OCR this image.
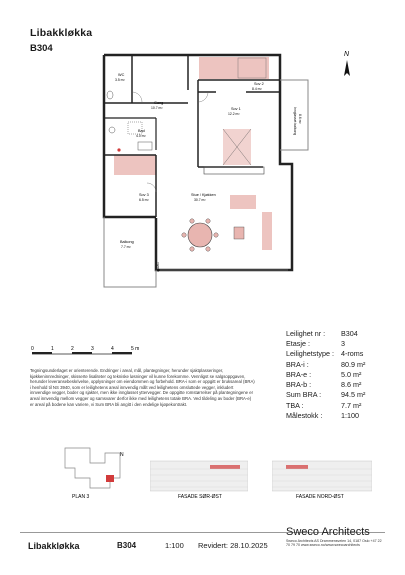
Libakkløkka
B304
N
WC
3.5 m²
Gang
10.7 m²
Bad
4.0 m²
Sov 1
12.2 m²
Sov 2
8.4 m²
Sov 3
6.5 m²
Stue / Kjøkken
30.7 m²
Balkong
7.7 m²
Innglasset balkong 8.6 m²
stue/bo
0	1	2	3	4	5 m
Tegningsunderlaget er orienterende. Endringer i areal, mål, plantegninger, herunder sjaktplasseringer, kjøkkeninnredninger, skisserte lisaliteter og tekniske løsninger vil kunne forekomme. Vennligst se salgsoppgaven, herunder leveransebeskrivelse, opplysninger om eiendommen og forbehold. BRA-i som er oppgitt er bruksareal (BRA) i henhold til NS 3940, som er leilighetens areal innvendig målt ved leilighetens omsluttede vegger, inkludert innvendige vegger, boder og sjakter, men ikke innglasset yttervegger. De oppgitte romstørrelser på plantegningene er areal innvendig mellom vegger og samsvarer derfor ikke med leilighetens totale BRA. Ved tildeling av boder (BRA-e) er areal på bodene kan variere, vi Sum BRA bli angitt i den endelige kjøpekontrakt.
Leilighet nr :	B304
Etasje :	3
Leilighetstype : 4-roms
BRA-i :	80.9 m²
BRA-e :	5.0 m²
BRA-b :	8.6 m²
Sum BRA :	94.5 m²
TBA :	7.7 m²
Målestokk :	1:100
N
PLAN 3	FASADE SØR-ØST	FASADE NORD-ØST
Libakkløkka	B304	1:100 Revidert: 28.10.2025
Sweco Architects
Sweco Architects AS Drammensveien 14, 0187 Oslo +47 22 70 79 70 www.sweco.no/www.swecoarchitects
